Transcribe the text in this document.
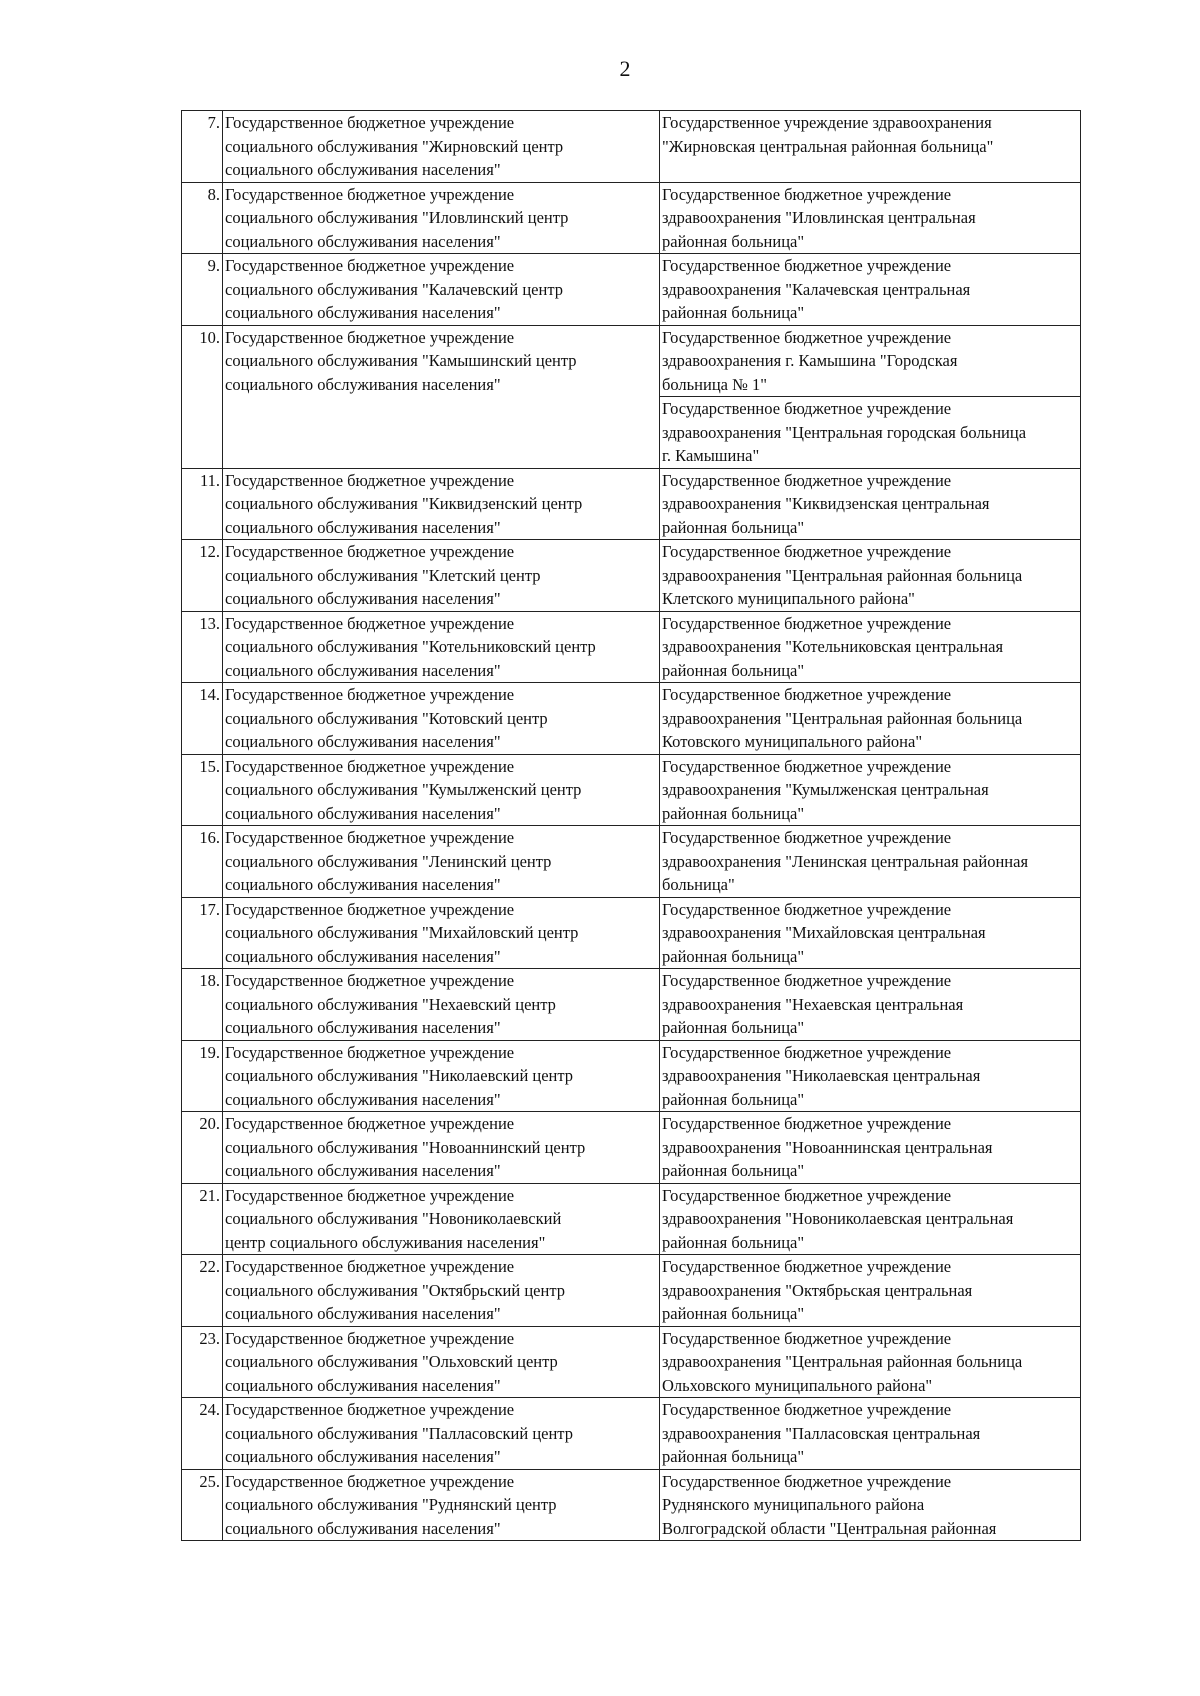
2
7.	Государственное бюджетное учреждение
социального обслуживания "Жирновский центр
социального обслуживания населения"	Государственное учреждение здравоохранения
"Жирновская центральная районная больница"

8.	Государственное бюджетное учреждение
социального обслуживания "Иловлинский центр
социального обслуживания населения"	Государственное бюджетное учреждение
здравоохранения "Иловлинская центральная
районная больница"

9.	Государственное бюджетное учреждение
социального обслуживания "Калачевский центр
социального обслуживания населения"	Государственное бюджетное учреждение
здравоохранения "Калачевская центральная
районная больница"

10.	Государственное бюджетное учреждение
социального обслуживания "Камышинский центр
социального обслуживания населения"	Государственное бюджетное учреждение
здравоохранения г. Камышина "Городская
больница № 1"

		Государственное бюджетное учреждение
здравоохранения "Центральная городская больница
г. Камышина"

11.	Государственное бюджетное учреждение
социального обслуживания "Киквидзенский центр
социального обслуживания населения"	Государственное бюджетное учреждение
здравоохранения "Киквидзенская центральная
районная больница"

12.	Государственное бюджетное учреждение
социального обслуживания "Клетский центр
социального обслуживания населения"	Государственное бюджетное учреждение
здравоохранения "Центральная районная больница
Клетского муниципального района"

13.	Государственное бюджетное учреждение
социального обслуживания "Котельниковский центр
социального обслуживания населения"	Государственное бюджетное учреждение
здравоохранения "Котельниковская центральная
районная больница"

14.	Государственное бюджетное учреждение
социального обслуживания "Котовский центр
социального обслуживания населения"	Государственное бюджетное учреждение
здравоохранения "Центральная районная больница
Котовского муниципального района"

15.	Государственное бюджетное учреждение
социального обслуживания "Кумылженский центр
социального обслуживания населения"	Государственное бюджетное учреждение
здравоохранения "Кумылженская центральная
районная больница"

16.	Государственное бюджетное учреждение
социального обслуживания "Ленинский центр
социального обслуживания населения"	Государственное бюджетное учреждение
здравоохранения "Ленинская центральная районная
больница"

17.	Государственное бюджетное учреждение
социального обслуживания "Михайловский центр
социального обслуживания населения"	Государственное бюджетное учреждение
здравоохранения "Михайловская центральная
районная больница"

18.	Государственное бюджетное учреждение
социального обслуживания "Нехаевский центр
социального обслуживания населения"	Государственное бюджетное учреждение
здравоохранения "Нехаевская центральная
районная больница"

19.	Государственное бюджетное учреждение
социального обслуживания "Николаевский центр
социального обслуживания населения"	Государственное бюджетное учреждение
здравоохранения "Николаевская центральная
районная больница"

20.	Государственное бюджетное учреждение
социального обслуживания "Новоаннинский центр
социального обслуживания населения"	Государственное бюджетное учреждение
здравоохранения "Новоаннинская центральная
районная больница"

21.	Государственное бюджетное учреждение
социального обслуживания "Новониколаевский
центр социального обслуживания населения"	Государственное бюджетное учреждение
здравоохранения "Новониколаевская центральная
районная больница"

22.	Государственное бюджетное учреждение
социального обслуживания "Октябрьский центр
социального обслуживания населения"	Государственное бюджетное учреждение
здравоохранения "Октябрьская центральная
районная больница"

23.	Государственное бюджетное учреждение
социального обслуживания "Ольховский центр
социального обслуживания населения"	Государственное бюджетное учреждение
здравоохранения "Центральная районная больница
Ольховского муниципального района"

24.	Государственное бюджетное учреждение
социального обслуживания "Палласовский центр
социального обслуживания населения"	Государственное бюджетное учреждение
здравоохранения "Палласовская центральная
районная больница"

25.	Государственное бюджетное учреждение
социального обслуживания "Руднянский центр
социального обслуживания населения"	Государственное бюджетное учреждение
Руднянского муниципального района
Волгоградской области "Центральная районная
